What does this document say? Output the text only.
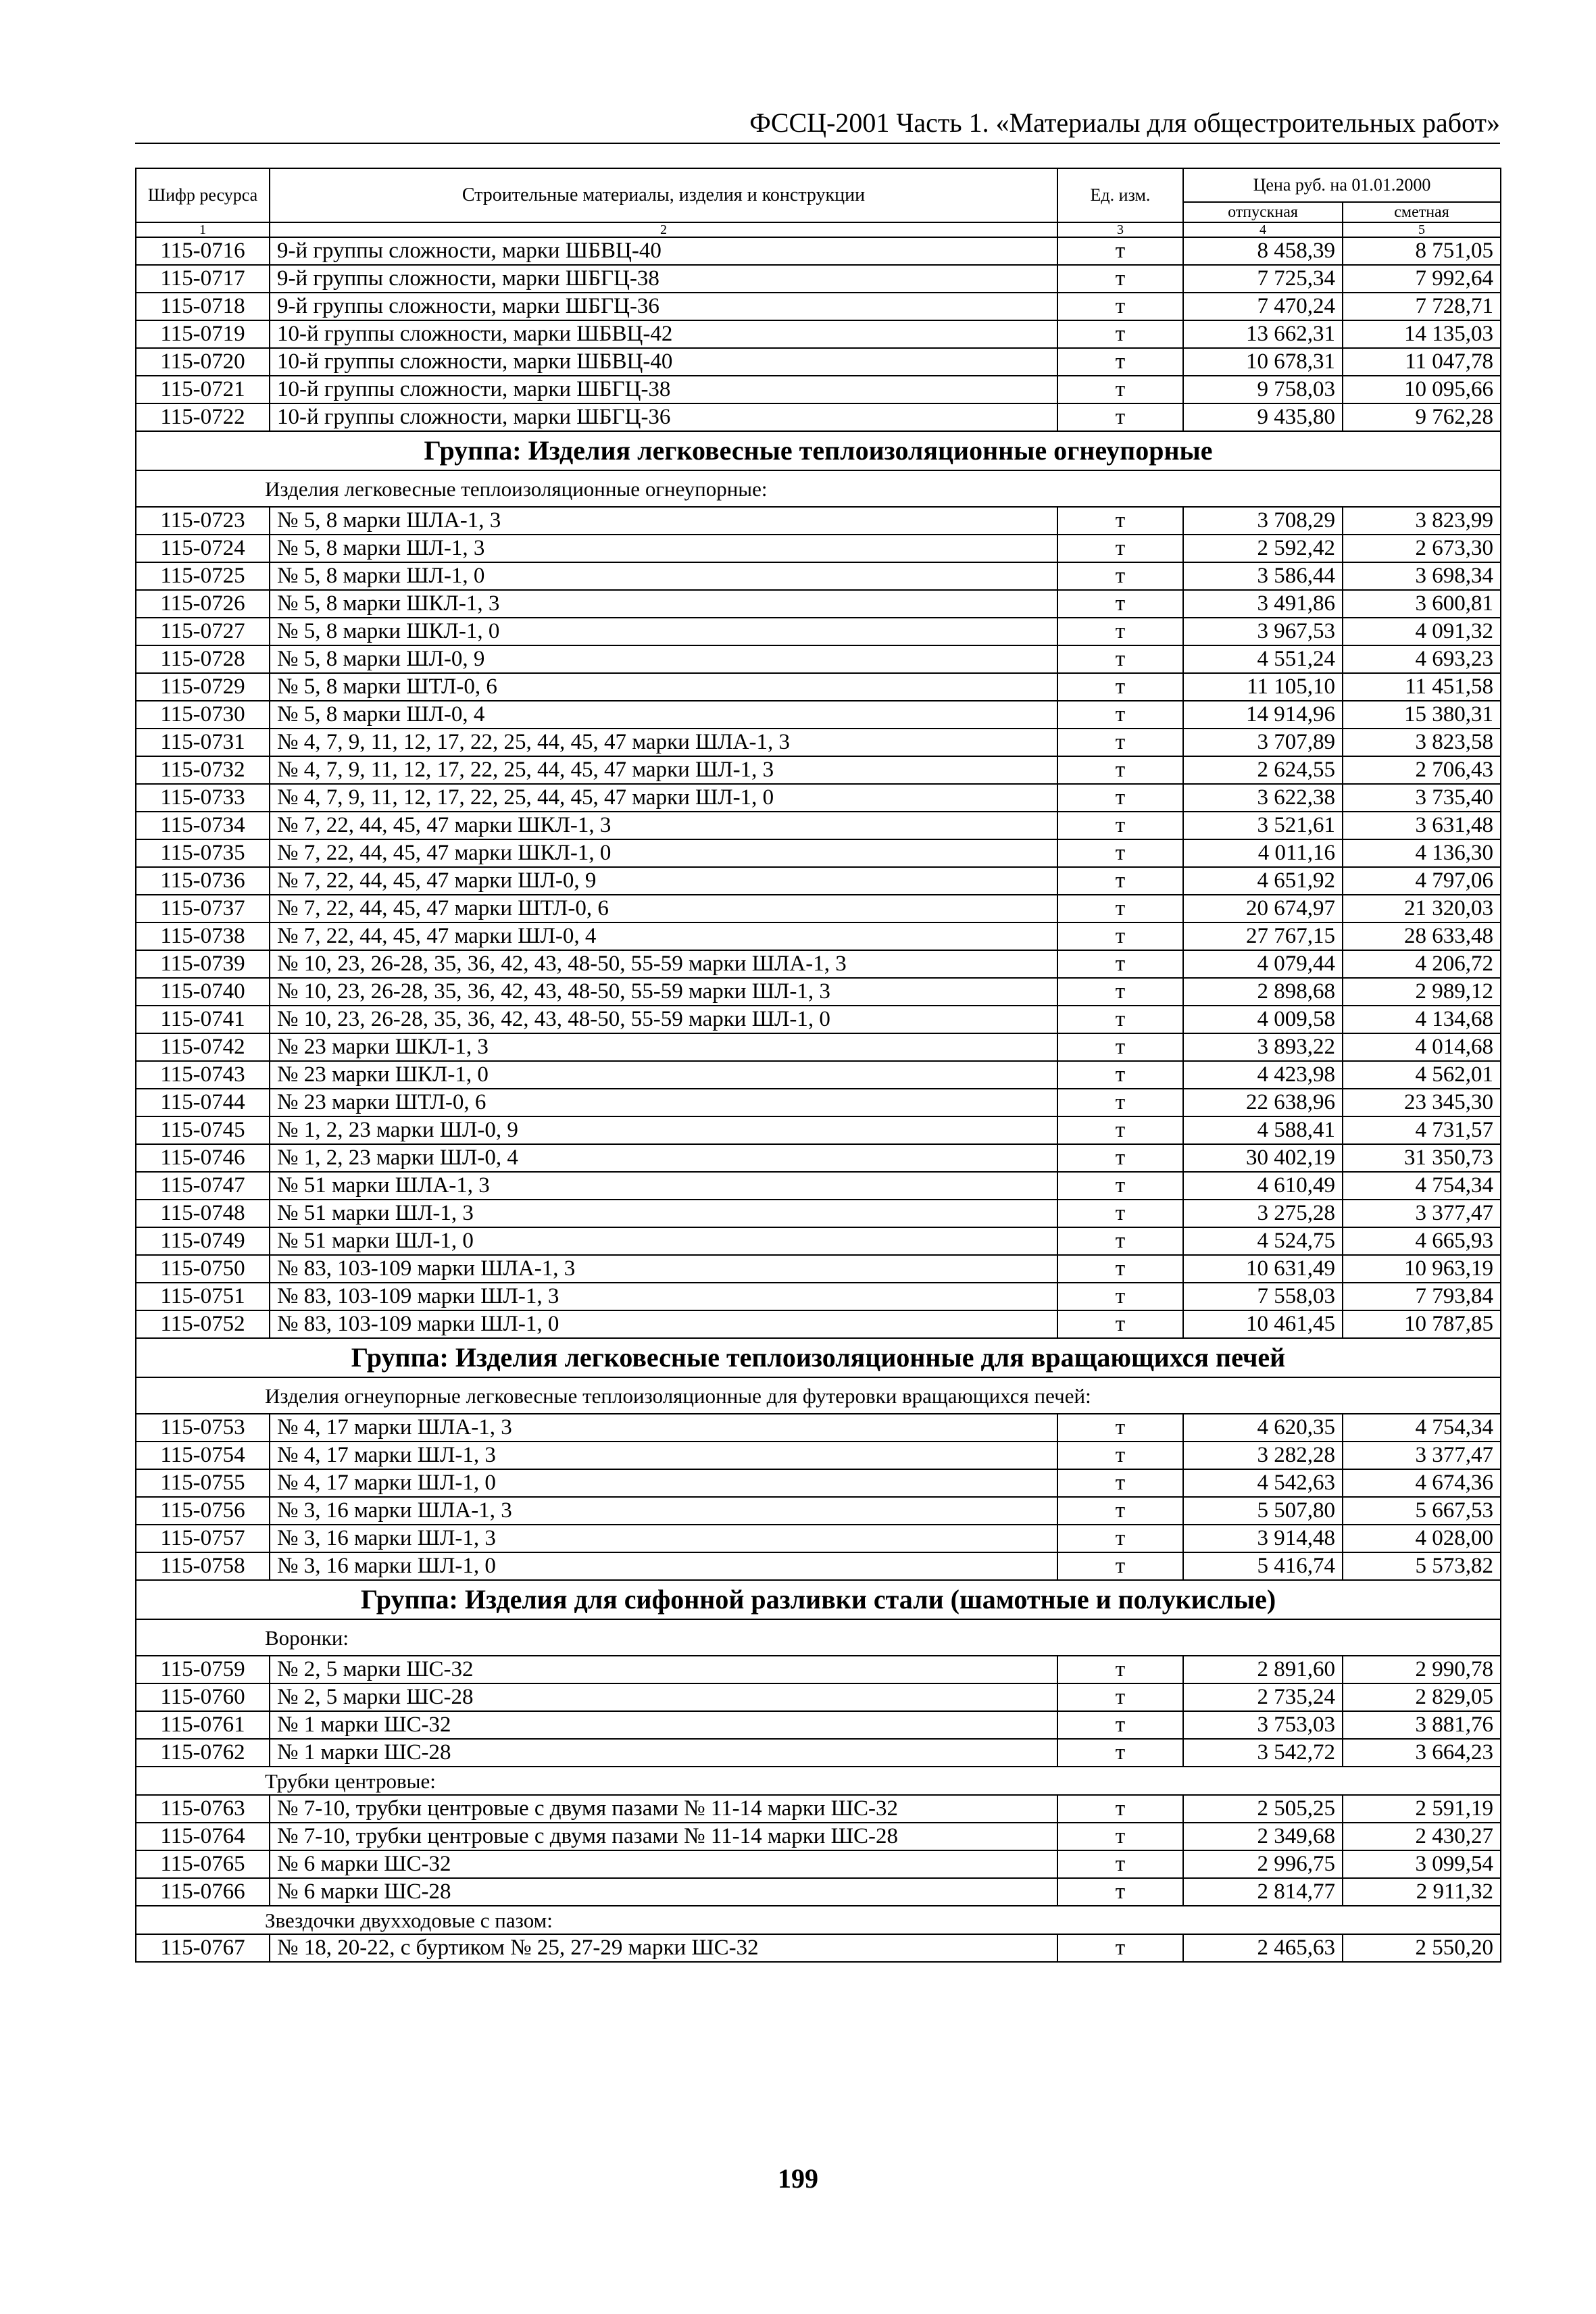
ФССЦ-2001 Часть 1. «Материалы для общестроительных работ»
Шифр ресурса	Строительные материалы, изделия и конструкции	Ед. изм.	Цена руб. на 01.01.2000	
			отпускная	сметная
1	2	3	4	5
115-0716	9-й группы сложности, марки ШБВЦ-40	т	8 458,39	8 751,05
115-0717	9-й группы сложности, марки ШБГЦ-38	т	7 725,34	7 992,64
115-0718	9-й группы сложности, марки ШБГЦ-36	т	7 470,24	7 728,71
115-0719	10-й группы сложности, марки ШБВЦ-42	т	13 662,31	14 135,03
115-0720	10-й группы сложности, марки ШБВЦ-40	т	10 678,31	11 047,78
115-0721	10-й группы сложности, марки ШБГЦ-38	т	9 758,03	10 095,66
115-0722	10-й группы сложности, марки ШБГЦ-36	т	9 435,80	9 762,28
Группа: Изделия легковесные теплоизоляционные огнеупорные				
Изделия легковесные теплоизоляционные огнеупорные:				
115-0723	№ 5, 8 марки ШЛА-1, 3	т	3 708,29	3 823,99
115-0724	№ 5, 8 марки ШЛ-1, 3	т	2 592,42	2 673,30
115-0725	№ 5, 8 марки ШЛ-1, 0	т	3 586,44	3 698,34
115-0726	№ 5, 8 марки ШКЛ-1, 3	т	3 491,86	3 600,81
115-0727	№ 5, 8 марки ШКЛ-1, 0	т	3 967,53	4 091,32
115-0728	№ 5, 8 марки ШЛ-0, 9	т	4 551,24	4 693,23
115-0729	№ 5, 8 марки ШТЛ-0, 6	т	11 105,10	11 451,58
115-0730	№ 5, 8 марки ШЛ-0, 4	т	14 914,96	15 380,31
115-0731	№ 4, 7, 9, 11, 12, 17, 22, 25, 44, 45, 47 марки ШЛА-1, 3	т	3 707,89	3 823,58
115-0732	№ 4, 7, 9, 11, 12, 17, 22, 25, 44, 45, 47 марки ШЛ-1, 3	т	2 624,55	2 706,43
115-0733	№ 4, 7, 9, 11, 12, 17, 22, 25, 44, 45, 47 марки ШЛ-1, 0	т	3 622,38	3 735,40
115-0734	№ 7, 22, 44, 45, 47 марки ШКЛ-1, 3	т	3 521,61	3 631,48
115-0735	№ 7, 22, 44, 45, 47 марки ШКЛ-1, 0	т	4 011,16	4 136,30
115-0736	№ 7, 22, 44, 45, 47 марки ШЛ-0, 9	т	4 651,92	4 797,06
115-0737	№ 7, 22, 44, 45, 47 марки ШТЛ-0, 6	т	20 674,97	21 320,03
115-0738	№ 7, 22, 44, 45, 47 марки ШЛ-0, 4	т	27 767,15	28 633,48
115-0739	№ 10, 23, 26-28, 35, 36, 42, 43, 48-50, 55-59 марки ШЛА-1, 3	т	4 079,44	4 206,72
115-0740	№ 10, 23, 26-28, 35, 36, 42, 43, 48-50, 55-59 марки ШЛ-1, 3	т	2 898,68	2 989,12
115-0741	№ 10, 23, 26-28, 35, 36, 42, 43, 48-50, 55-59 марки ШЛ-1, 0	т	4 009,58	4 134,68
115-0742	№ 23 марки ШКЛ-1, 3	т	3 893,22	4 014,68
115-0743	№ 23 марки ШКЛ-1, 0	т	4 423,98	4 562,01
115-0744	№ 23 марки ШТЛ-0, 6	т	22 638,96	23 345,30
115-0745	№ 1, 2, 23 марки ШЛ-0, 9	т	4 588,41	4 731,57
115-0746	№ 1, 2, 23 марки ШЛ-0, 4	т	30 402,19	31 350,73
115-0747	№ 51 марки ШЛА-1, 3	т	4 610,49	4 754,34
115-0748	№ 51 марки ШЛ-1, 3	т	3 275,28	3 377,47
115-0749	№ 51 марки ШЛ-1, 0	т	4 524,75	4 665,93
115-0750	№ 83, 103-109 марки ШЛА-1, 3	т	10 631,49	10 963,19
115-0751	№ 83, 103-109 марки ШЛ-1, 3	т	7 558,03	7 793,84
115-0752	№ 83, 103-109 марки ШЛ-1, 0	т	10 461,45	10 787,85
Группа: Изделия легковесные теплоизоляционные для вращающихся печей				
Изделия огнеупорные легковесные теплоизоляционные для футеровки вращающихся печей:				
115-0753	№ 4, 17 марки ШЛА-1, 3	т	4 620,35	4 754,34
115-0754	№ 4, 17 марки ШЛ-1, 3	т	3 282,28	3 377,47
115-0755	№ 4, 17 марки ШЛ-1, 0	т	4 542,63	4 674,36
115-0756	№ 3, 16 марки ШЛА-1, 3	т	5 507,80	5 667,53
115-0757	№ 3, 16 марки ШЛ-1, 3	т	3 914,48	4 028,00
115-0758	№ 3, 16 марки ШЛ-1, 0	т	5 416,74	5 573,82
Группа: Изделия для сифонной разливки стали (шамотные и полукислые)				
Воронки:				
115-0759	№ 2, 5 марки ШС-32	т	2 891,60	2 990,78
115-0760	№ 2, 5 марки ШС-28	т	2 735,24	2 829,05
115-0761	№ 1 марки ШС-32	т	3 753,03	3 881,76
115-0762	№ 1 марки ШС-28	т	3 542,72	3 664,23
Трубки центровые:				
115-0763	№ 7-10, трубки центровые с двумя пазами № 11-14 марки ШС-32	т	2 505,25	2 591,19
115-0764	№ 7-10, трубки центровые с двумя пазами № 11-14 марки ШС-28	т	2 349,68	2 430,27
115-0765	№ 6 марки ШС-32	т	2 996,75	3 099,54
115-0766	№ 6 марки ШС-28	т	2 814,77	2 911,32
Звездочки двухходовые с пазом:				
115-0767	№ 18, 20-22, с буртиком № 25, 27-29 марки ШС-32	т	2 465,63	2 550,20
199
